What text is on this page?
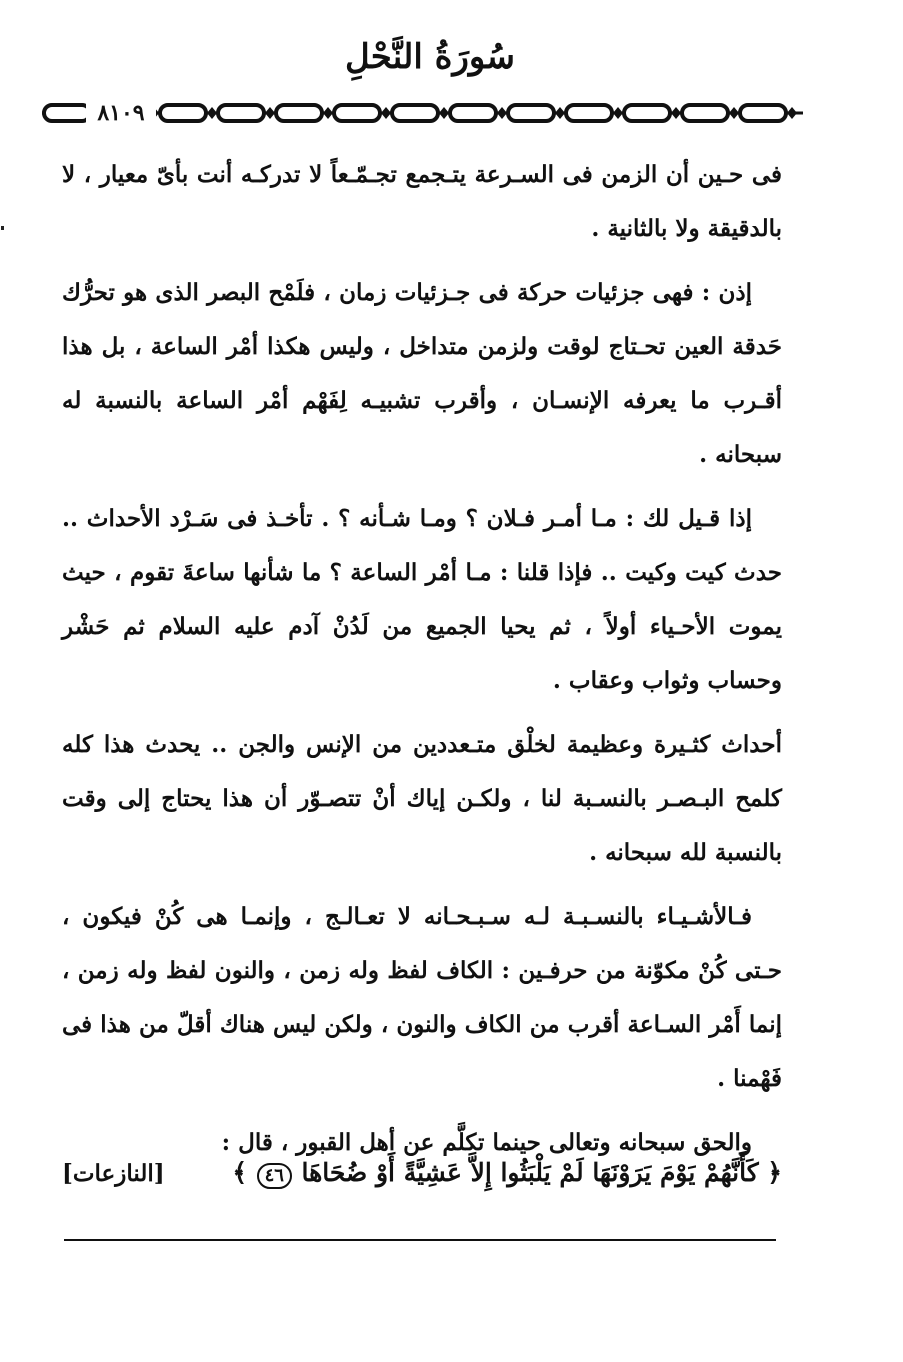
سُورَةُ النَّحْلِ
٨١٠٩

فى حـين أن الزمن فى السـرعة يتـجمع تجـمّـعاً لا تدركـه أنت بأىّ معيار ، لا بالدقيقة ولا بالثانية .

إذن : فهى جزئيات حركة فى جـزئيات زمان ، فلَمْح البصر الذى هو تحرُّك حَدقة العين تحـتاج لوقت ولزمن متداخل ، وليس هكذا أمْر الساعة ، بل هذا أقـرب ما يعرفه الإنسـان ، وأقرب تشبيـه لِفَهْم أمْر الساعة بالنسبة له سبحانه .

إذا قـيل لك : مـا أمـر فـلان ؟ ومـا شـأنه ؟ . تأخـذ فى سَـرْد الأحداث .. حدث كيت وكيت .. فإذا قلنا : مـا أمْر الساعة ؟ ما شأنها ساعةَ تقوم ، حيث يموت الأحـياء أولاً ، ثم يحيا الجميع من لَدُنْ آدم عليه السلام ثم حَشْر وحساب وثواب وعقاب .

أحداث كثـيرة وعظيمة لخلْق متـعددين من الإنس والجن .. يحدث هذا كله كلمح البـصـر بالنسـبة لنا ، ولكـن إياك أنْ تتصـوّر أن هذا يحتاج إلى وقت بالنسبة لله سبحانه .

فـالأشـيـاء بالنسـبـة لـه سـبـحـانه لا تعـالـج ، وإنمـا هى كُنْ فيكون ، حـتى كُنْ مكوّنة من حرفـين : الكاف لفظ وله زمن ، والنون لفظ وله زمن ، إنما أَمْر السـاعة أقرب من الكاف والنون ، ولكن ليس هناك أقلّ من هذا فى فَهْمنا .

والحق سبحانه وتعالى حينما تكلَّم عن أهل القبور ، قال :

﴿ كَأَنَّهُمْ يَوْمَ يَرَوْنَهَا لَمْ يَلْبَثُوا إِلاَّ عَشِيَّةً أَوْ ضُحَاهَا ٤٦ ﴾
[النازعات]
